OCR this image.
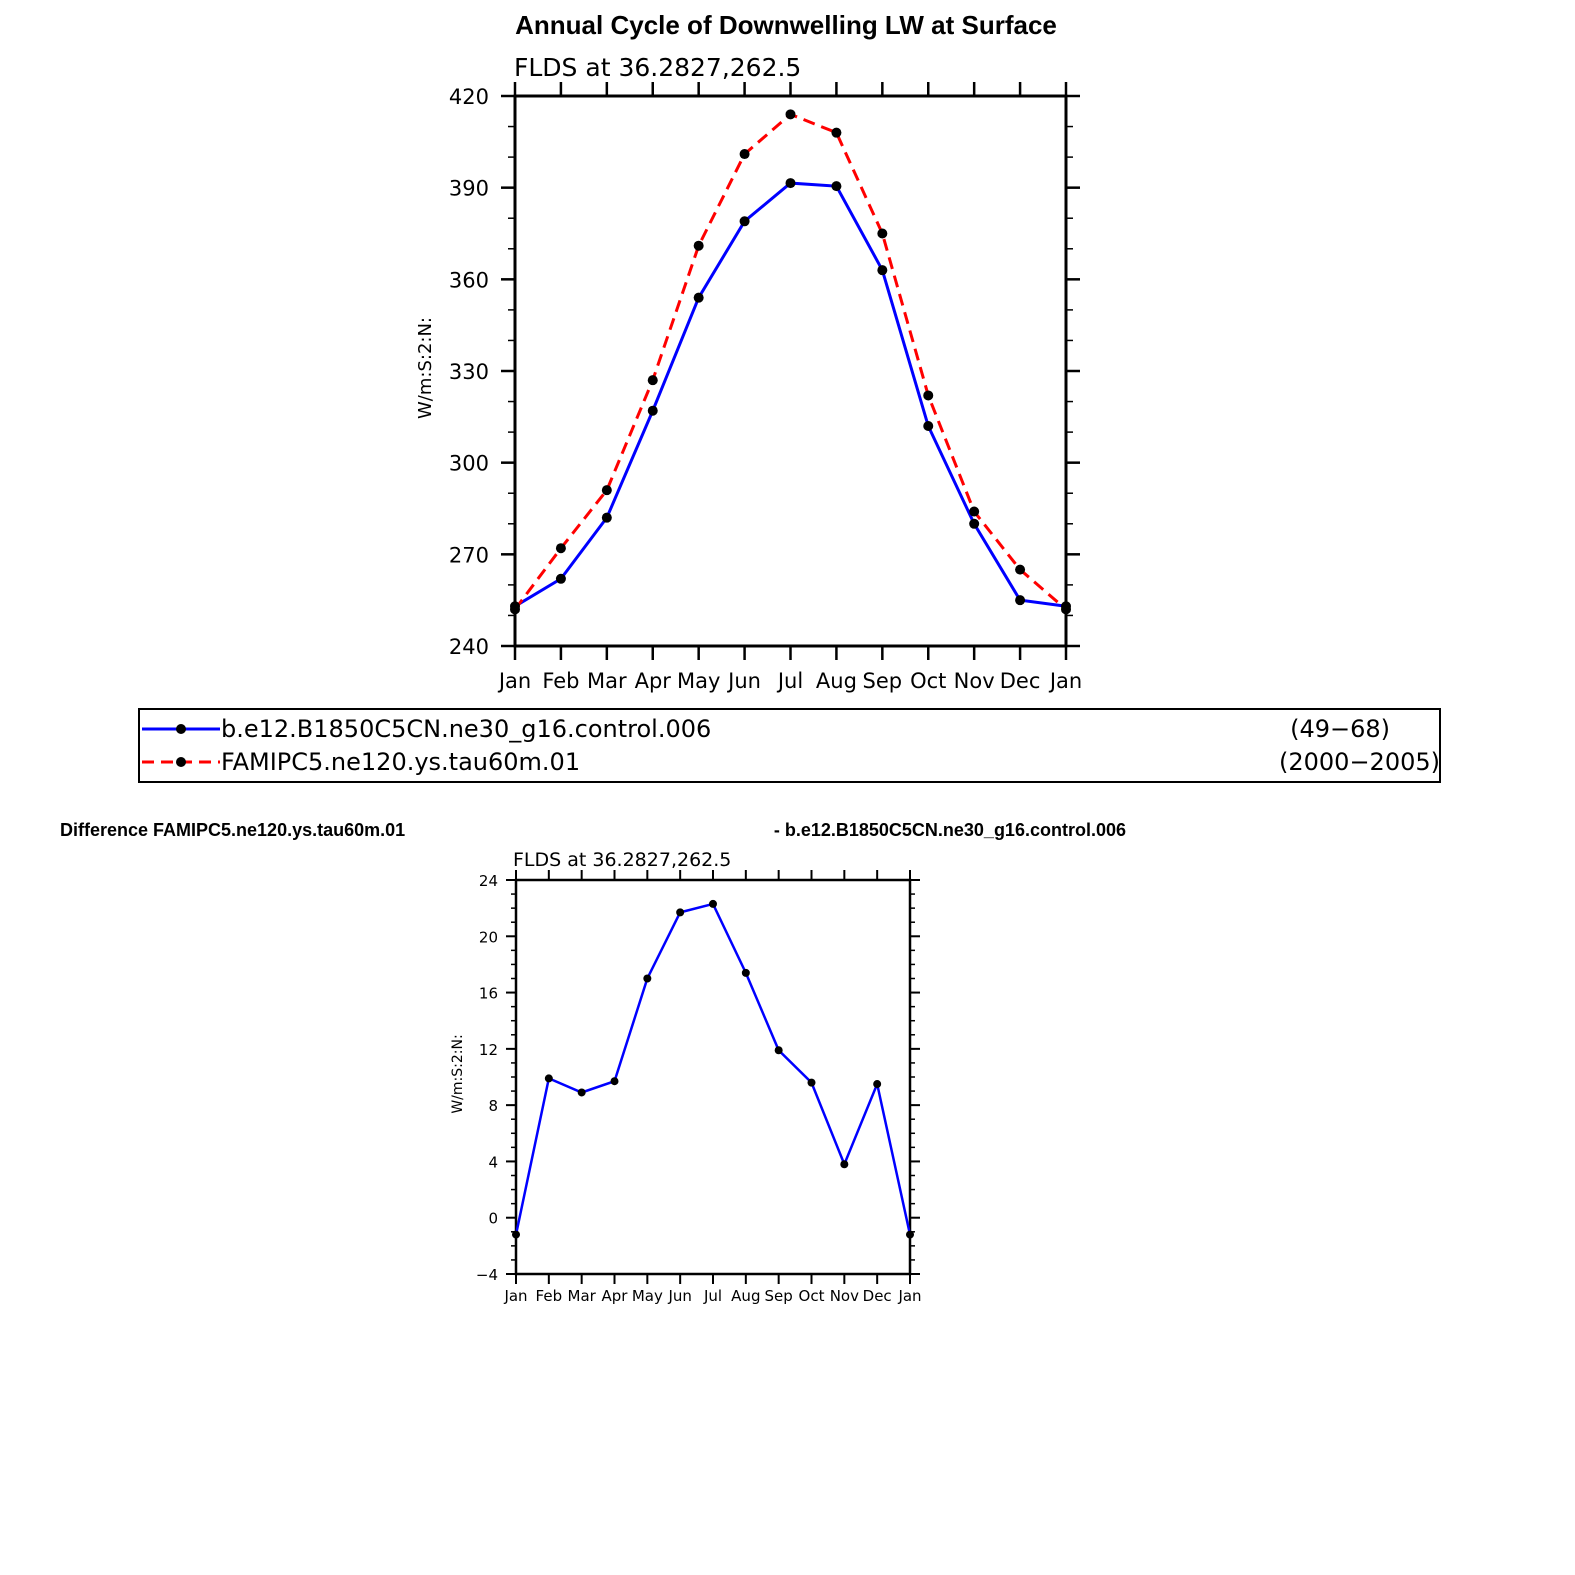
Annual Cycle of Downwelling LW at Surface
FLDS at 36.2827,262.5
W/m:S:2:N:
Jan Feb Mar Apr May Jun Jul Aug Sep Oct Nov Dec Jan
240
270
300
330
360
390
420
b.e12.B1850C5CN.ne30_g16.control.006	(49−68)
FAMIPC5.ne120.ys.tau60m.01	(2000−2005)
Difference FAMIPC5.ne120.ys.tau60m.01	- b.e12.B1850C5CN.ne30_g16.control.006
FLDS at 36.2827,262.5
W/m:S:2:N:
Jan Feb Mar Apr May Jun Jul Aug Sep Oct Nov Dec Jan
−4
0
4
8
12
16
20
24
